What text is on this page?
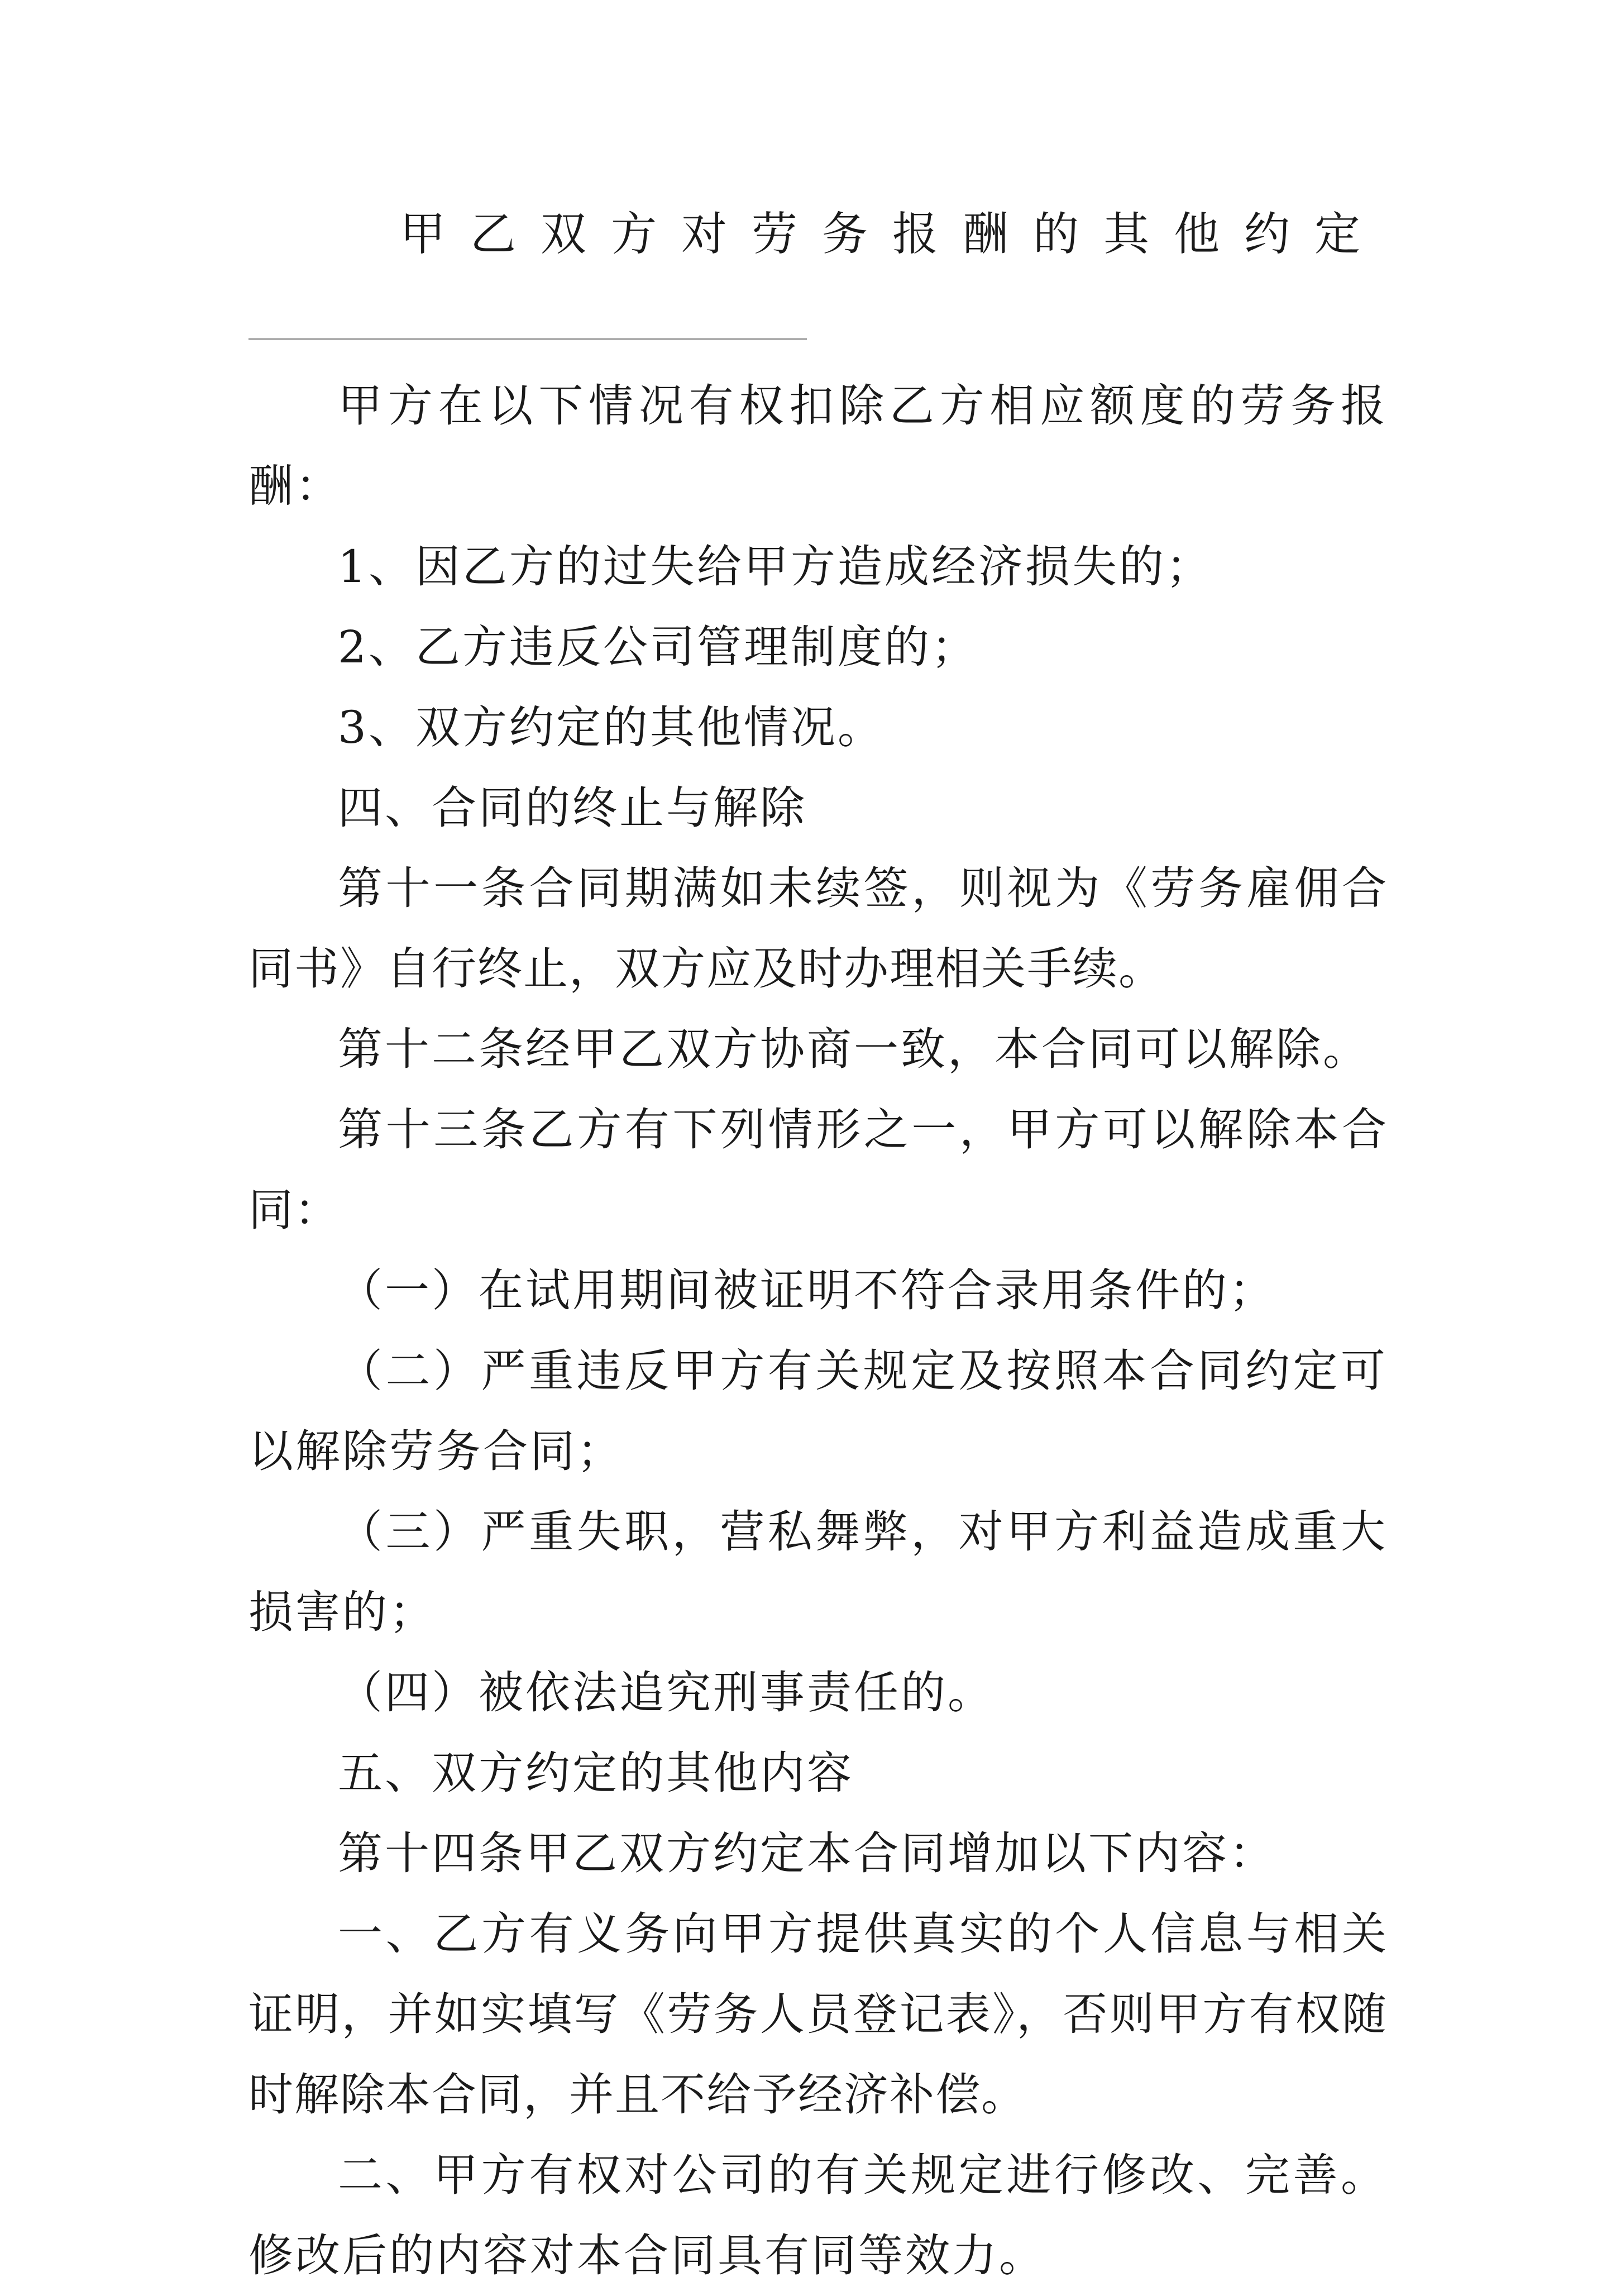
甲乙双方对劳务报酬的其他约定

甲方在以下情况有权扣除乙方相应额度的劳务报酬：

1、因乙方的过失给甲方造成经济损失的；

2、乙方违反公司管理制度的；

3、双方约定的其他情况。

四、合同的终止与解除

第十一条合同期满如未续签，则视为《劳务雇佣合同书》自行终止，双方应及时办理相关手续。

第十二条经甲乙双方协商一致，本合同可以解除。

第十三条乙方有下列情形之一，甲方可以解除本合同：

（一）在试用期间被证明不符合录用条件的；

（二）严重违反甲方有关规定及按照本合同约定可以解除劳务合同；

（三）严重失职，营私舞弊，对甲方利益造成重大损害的；

（四）被依法追究刑事责任的。

五、双方约定的其他内容

第十四条甲乙双方约定本合同增加以下内容：

一、乙方有义务向甲方提供真实的个人信息与相关证明，并如实填写《劳务人员登记表》，否则甲方有权随时解除本合同，并且不给予经济补偿。

二、甲方有权对公司的有关规定进行修改、完善。修改后的内容对本合同具有同等效力。
